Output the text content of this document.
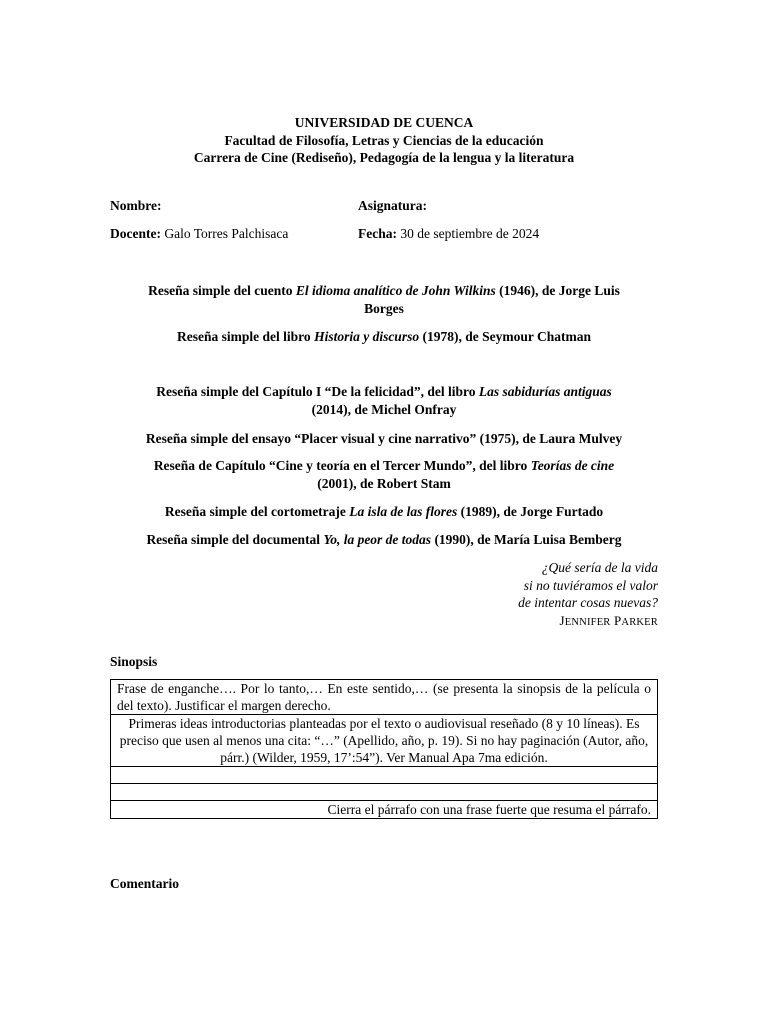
UNIVERSIDAD DE CUENCA
Facultad de Filosofía, Letras y Ciencias de la educación
Carrera de Cine (Rediseño), Pedagogía de la lengua y la literatura
Nombre:	Asignatura:
Docente: Galo Torres Palchisaca	Fecha: 30 de septiembre de 2024
Reseña simple del cuento El idioma analítico de John Wilkins (1946), de Jorge Luis
Borges
Reseña simple del libro Historia y discurso (1978), de Seymour Chatman
Reseña simple del Capítulo I “De la felicidad”, del libro Las sabidurías antiguas
(2014), de Michel Onfray
Reseña simple del ensayo “Placer visual y cine narrativo” (1975), de Laura Mulvey
Reseña de Capítulo “Cine y teoría en el Tercer Mundo”, del libro Teorías de cine
(2001), de Robert Stam
Reseña simple del cortometraje La isla de las flores (1989), de Jorge Furtado
Reseña simple del documental Yo, la peor de todas (1990), de María Luisa Bemberg
¿Qué sería de la vida
si no tuviéramos el valor
de intentar cosas nuevas?
JENNIFER PARKER
Sinopsis
Frase de enganche…. Por lo tanto,… En este sentido,… (se presenta la sinopsis de la película o del texto). Justificar el margen derecho.
Primeras ideas introductorias planteadas por el texto o audiovisual reseñado (8 y 10 líneas). Es preciso que usen al menos una cita: “…” (Apellido, año, p. 19). Si no hay paginación (Autor, año, párr.) (Wilder, 1959, 17’:54”). Ver Manual Apa 7ma edición.

Cierra el párrafo con una frase fuerte que resuma el párrafo.
Comentario
